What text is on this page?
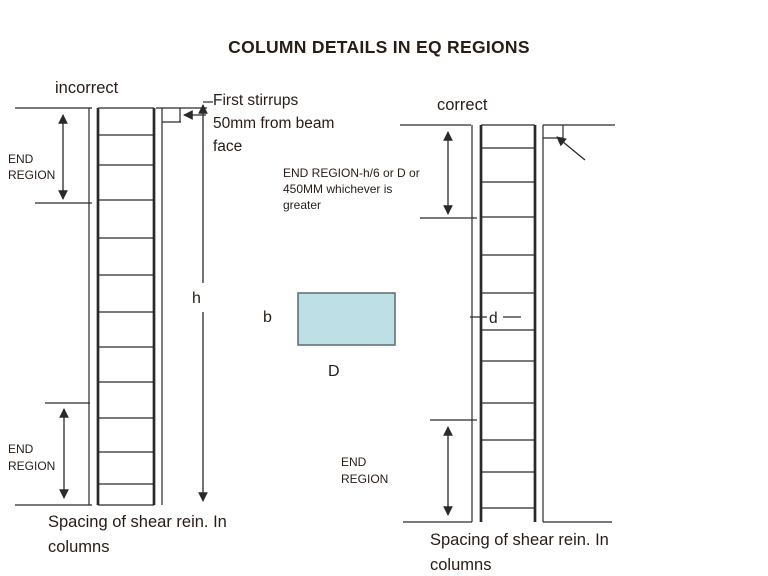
COLUMN DETAILS IN EQ REGIONS
incorrect
h
END
REGION
END
REGION
First stirrups
50mm from beam
face
Spacing of shear rein. In
columns
correct
END REGION-h/6 or D or
450MM whichever is
greater
d
END
REGION
Spacing of shear rein. In
columns
b
D
